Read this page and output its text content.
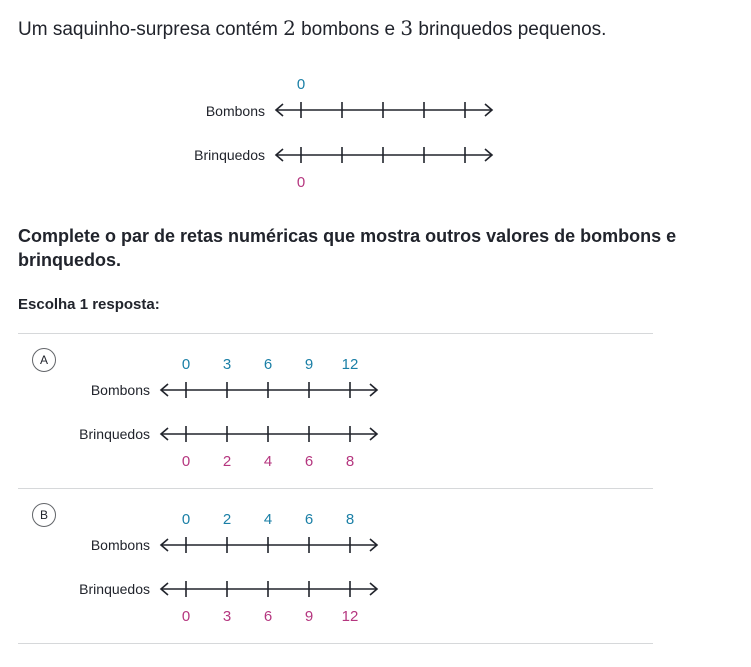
Um saquinho-surpresa contém 2 bombons e 3 brinquedos pequenos.
Bombons
0
Brinquedos
0
Complete o par de retas numéricas que mostra outros valores de bombons e brinquedos.
Escolha 1 resposta:
A
Bombons
0 3 6 9 12
Brinquedos
0 2 4 6 8
B
Bombons
0 2 4 6 8
Brinquedos
0 3 6 9 12
